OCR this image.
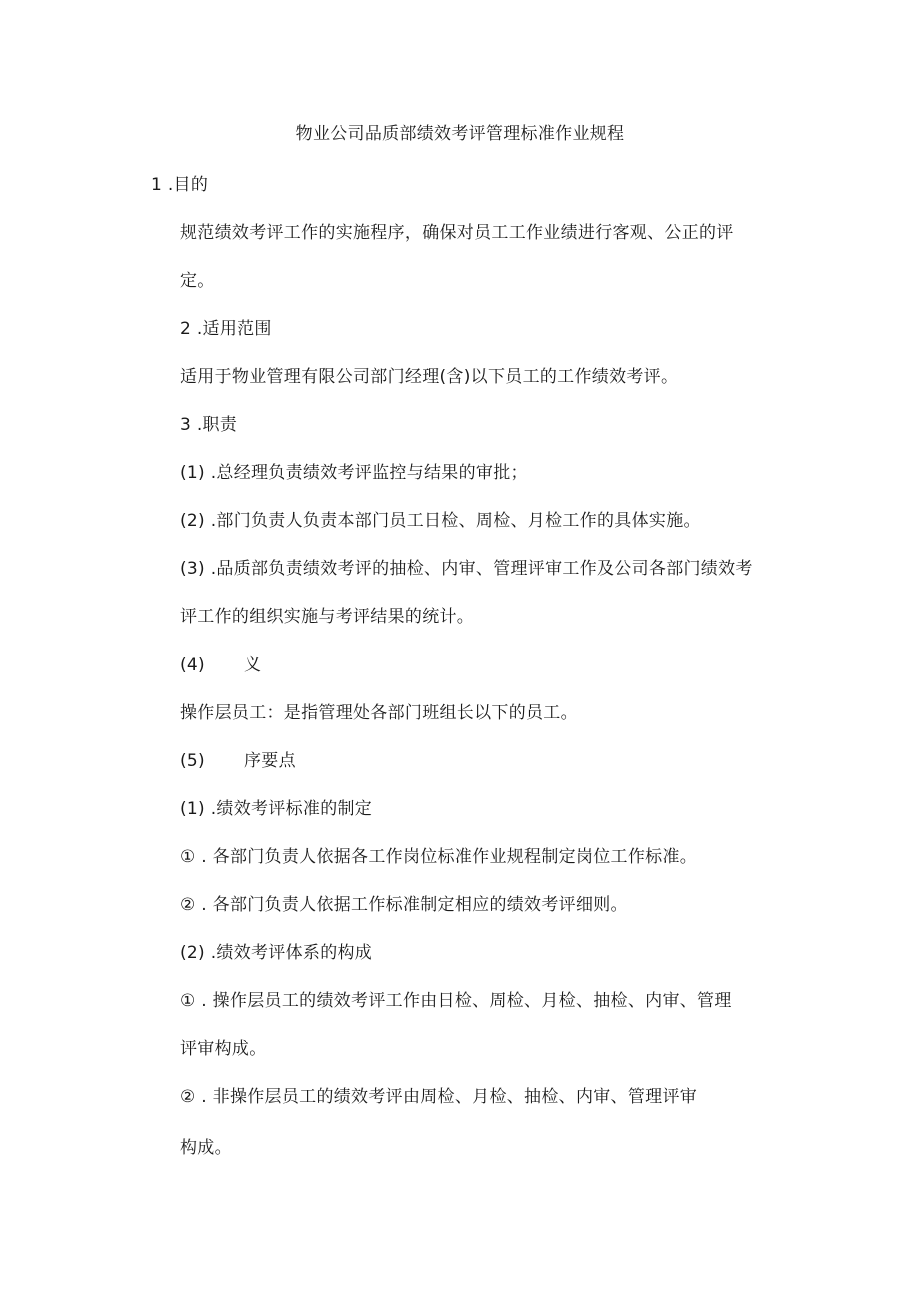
物业公司品质部绩效考评管理标准作业规程
1 .目的
规范绩效考评工作的实施程序，确保对员工工作业绩进行客观、公正的评
定。
2 .适用范围
适用于物业管理有限公司部门经理(含)以下员工的工作绩效考评。
3 .职责
(1) .总经理负责绩效考评监控与结果的审批；
(2) .部门负责人负责本部门员工日检、周检、月检工作的具体实施。
(3) .品质部负责绩效考评的抽检、内审、管理评审工作及公司各部门绩效考
评工作的组织实施与考评结果的统计。
(4) 义
操作层员工：是指管理处各部门班组长以下的员工。
(5) 序要点
(1) .绩效考评标准的制定
① . 各部门负责人依据各工作岗位标准作业规程制定岗位工作标准。
② . 各部门负责人依据工作标准制定相应的绩效考评细则。
(2) .绩效考评体系的构成
① . 操作层员工的绩效考评工作由日检、周检、月检、抽检、内审、管理
评审构成。
② . 非操作层员工的绩效考评由周检、月检、抽检、内审、管理评审
构成。
